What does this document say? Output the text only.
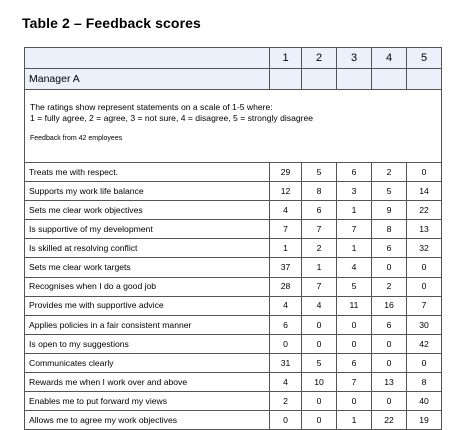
Table 2 – Feedback scores
	1	2	3	4	5
Manager A					

The ratings show represent statements on a scale of 1-5 where:
1 = fully agree, 2 = agree, 3 = not sure, 4 = disagree, 5 = strongly disagree
Feedback from 42 employees					

Treats me with respect.	29	5	6	2	0
Supports my work life balance	12	8	3	5	14
Sets me clear work objectives	4	6	1	9	22
Is supportive of my development	7	7	7	8	13
Is skilled at resolving conflict	1	2	1	6	32
Sets me clear work targets	37	1	4	0	0
Recognises when I do a good job	28	7	5	2	0
Provides me with supportive advice	4	4	11	16	7
Applies policies in a fair consistent manner	6	0	0	6	30
Is open to my suggestions	0	0	0	0	42
Communicates clearly	31	5	6	0	0
Rewards me when I work over and above	4	10	7	13	8
Enables me to put forward my views	2	0	0	0	40
Allows me to agree my work objectives	0	0	1	22	19
